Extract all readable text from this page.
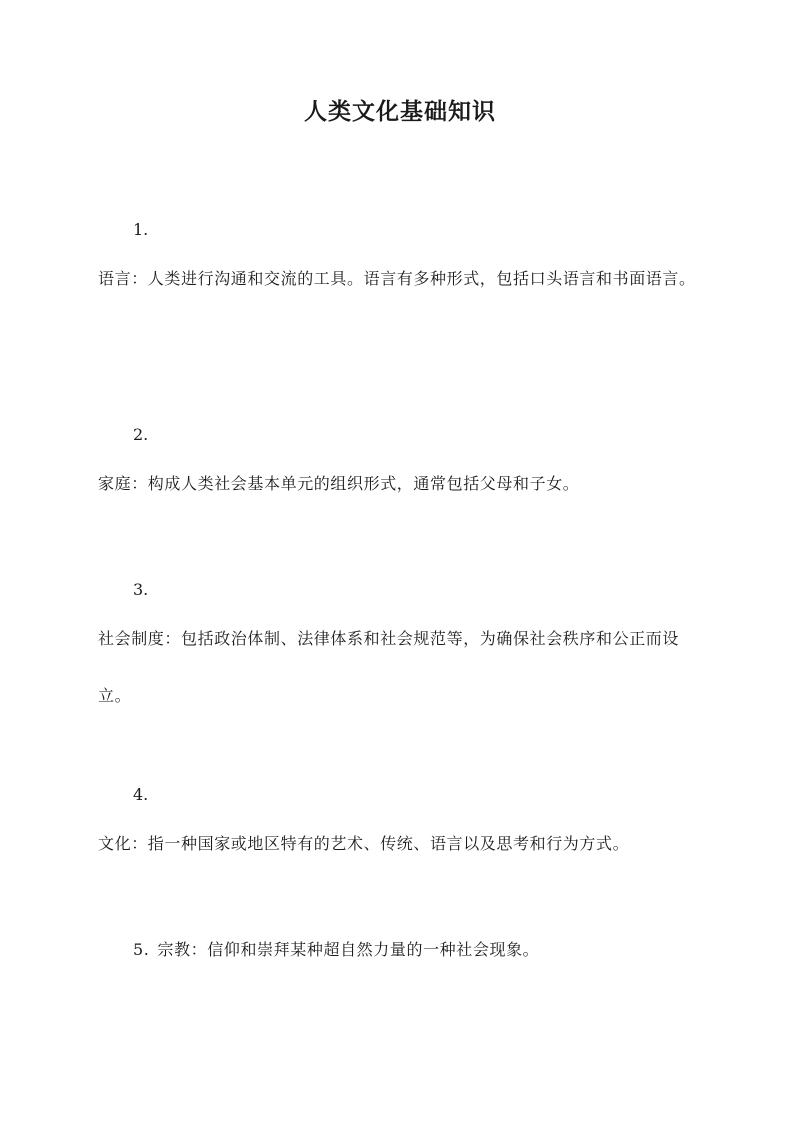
人类文化基础知识
1.

语言：人类进行沟通和交流的工具。语言有多种形式，包括口头语言和书面语言。

2.

家庭：构成人类社会基本单元的组织形式，通常包括父母和子女。

3.

社会制度：包括政治体制、法律体系和社会规范等，为确保社会秩序和公正而设立。

4.

文化：指一种国家或地区特有的艺术、传统、语言以及思考和行为方式。

5. 宗教：信仰和崇拜某种超自然力量的一种社会现象。
